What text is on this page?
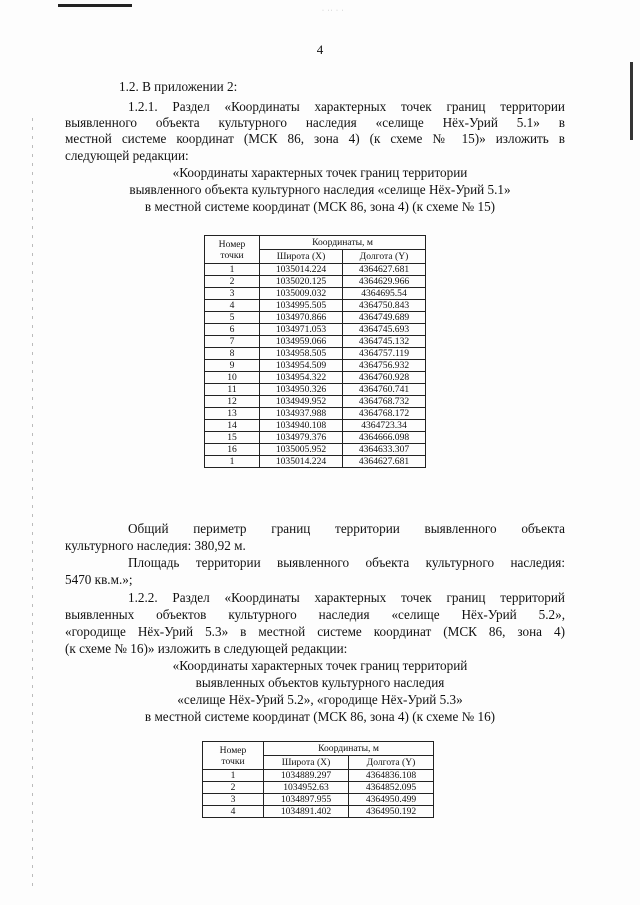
· ·· · ·
4

1.2. В приложении 2:

1.2.1. Раздел «Координаты характерных точек границ территории

выявленного объекта культурного наследия «селище Нёх-Урий 5.1» в

местной системе координат (МСК 86, зона 4) (к схеме № 15)» изложить в

следующей редакции:

«Координаты характерных точек границ территории

выявленного объекта культурного наследия «селище Нёх-Урий 5.1»

в местной системе координат (МСК 86, зона 4) (к схеме № 15)

Номер
точки	Координаты, м	
	Широта (X)	Долгота (Y)
1	1035014.224	4364627.681
2	1035020.125	4364629.966
3	1035009.032	4364695.54
4	1034995.505	4364750.843
5	1034970.866	4364749.689
6	1034971.053	4364745.693
7	1034959.066	4364745.132
8	1034958.505	4364757.119
9	1034954.509	4364756.932
10	1034954.322	4364760.928
11	1034950.326	4364760.741
12	1034949.952	4364768.732
13	1034937.988	4364768.172
14	1034940.108	4364723.34
15	1034979.376	4364666.098
16	1035005.952	4364633.307
1	1035014.224	4364627.681

Общий периметр границ территории выявленного объекта

культурного наследия: 380,92 м.

Площадь территории выявленного объекта культурного наследия:

5470 кв.м.»;

1.2.2. Раздел «Координаты характерных точек границ территорий

выявленных объектов культурного наследия «селище Нёх-Урий 5.2»,

«городище Нёх-Урий 5.3» в местной системе координат (МСК 86, зона 4)

(к схеме № 16)» изложить в следующей редакции:

«Координаты характерных точек границ территорий

выявленных объектов культурного наследия

«селище Нёх-Урий 5.2», «городище Нёх-Урий 5.3»

в местной системе координат (МСК 86, зона 4) (к схеме № 16)

Номер
точки	Координаты, м	
	Широта (X)	Долгота (Y)
1	1034889.297	4364836.108
2	1034952.63	4364852.095
3	1034897.955	4364950.499
4	1034891.402	4364950.192
